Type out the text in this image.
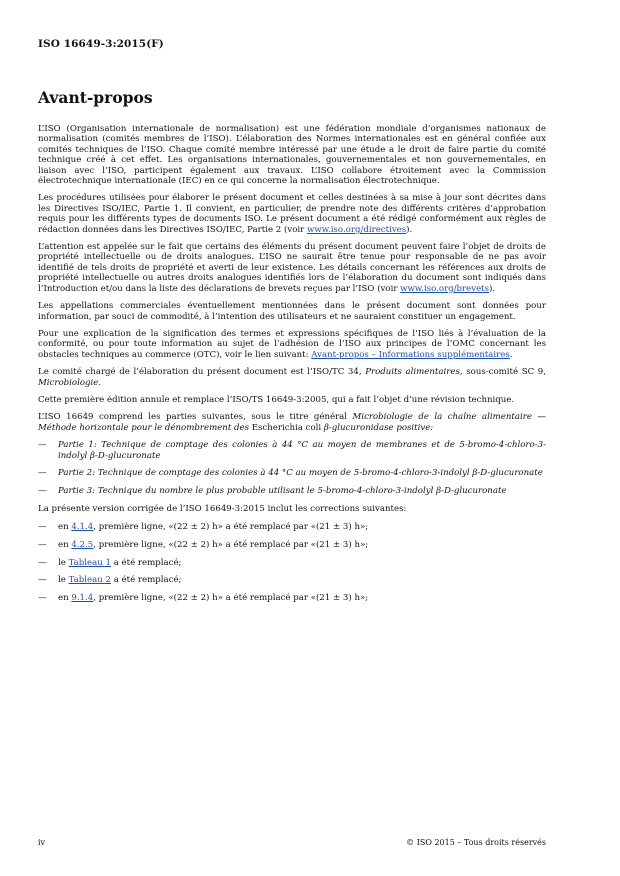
ISO 16649-3:2015(F)
Avant-propos

L’ISO (Organisation internationale de normalisation) est une fédération mondiale d’organismes nationaux de normalisation (comités membres de l’ISO). L’élaboration des Normes internationales est en général confiée aux comités techniques de l’ISO. Chaque comité membre intéressé par une étude a le droit de faire partie du comité technique créé à cet effet. Les organisations internationales, gouvernementales et non gouvernementales, en liaison avec l’ISO, participent également aux travaux. L’ISO collabore étroitement avec la Commission électrotechnique internationale (IEC) en ce qui concerne la normalisation électrotechnique.

Les procédures utilisées pour élaborer le présent document et celles destinées à sa mise à jour sont décrites dans les Directives ISO/IEC, Partie 1. Il convient, en particulier, de prendre note des différents critères d’approbation requis pour les différents types de documents ISO. Le présent document a été rédigé conformément aux règles de rédaction données dans les Directives ISO/IEC, Partie 2 (voir www.iso.org/directives).

L’attention est appelée sur le fait que certains des éléments du présent document peuvent faire l’objet de droits de propriété intellectuelle ou de droits analogues. L’ISO ne saurait être tenue pour responsable de ne pas avoir identifié de tels droits de propriété et averti de leur existence. Les détails concernant les références aux droits de propriété intellectuelle ou autres droits analogues identifiés lors de l’élaboration du document sont indiqués dans l’Introduction et/ou dans la liste des déclarations de brevets reçues par l’ISO (voir www.iso.org/brevets).

Les appellations commerciales éventuellement mentionnées dans le présent document sont données pour information, par souci de commodité, à l’intention des utilisateurs et ne sauraient constituer un engagement.

Pour une explication de la signification des termes et expressions spécifiques de l’ISO liés à l’évaluation de la conformité, ou pour toute information au sujet de l’adhésion de l’ISO aux principes de l’OMC concernant les obstacles techniques au commerce (OTC), voir le lien suivant: Avant-propos – Informations supplémentaires.

Le comité chargé de l’élaboration du présent document est l’ISO/TC 34, Produits alimentaires, sous-comité SC 9, Microbiologie.

Cette première édition annule et remplace l’ISO/TS 16649-3:2005, qui a fait l’objet d’une révision technique.

L’ISO 16649 comprend les parties suivantes, sous le titre général Microbiologie de la chaîne alimentaire — Méthode horizontale pour le dénombrement des Escherichia coli β-glucuronidase positive:

—	Partie 1: Technique de comptage des colonies à 44 °C au moyen de membranes et de 5-bromo-4-chloro-3-indolyl β-D-glucuronate
—	Partie 2: Technique de comptage des colonies à 44 °C au moyen de 5-bromo-4-chloro-3-indolyl β-D-glucuronate
—	Partie 3: Technique du nombre le plus probable utilisant le 5-bromo-4-chloro-3-indolyl β-D-glucuronate

La présente version corrigée de l’ISO 16649-3:2015 inclut les corrections suivantes:

—	en 4.1.4, première ligne, «(22 ± 2) h» a été remplacé par «(21 ± 3) h»;
—	en 4.2.5, première ligne, «(22 ± 2) h» a été remplacé par «(21 ± 3) h»;
—	le Tableau 1 a été remplacé;
—	le Tableau 2 a été remplacé;
—	en 9.1.4, première ligne, «(22 ± 2) h» a été remplacé par «(21 ± 3) h»;
iv	© ISO 2015 – Tous droits réservés
